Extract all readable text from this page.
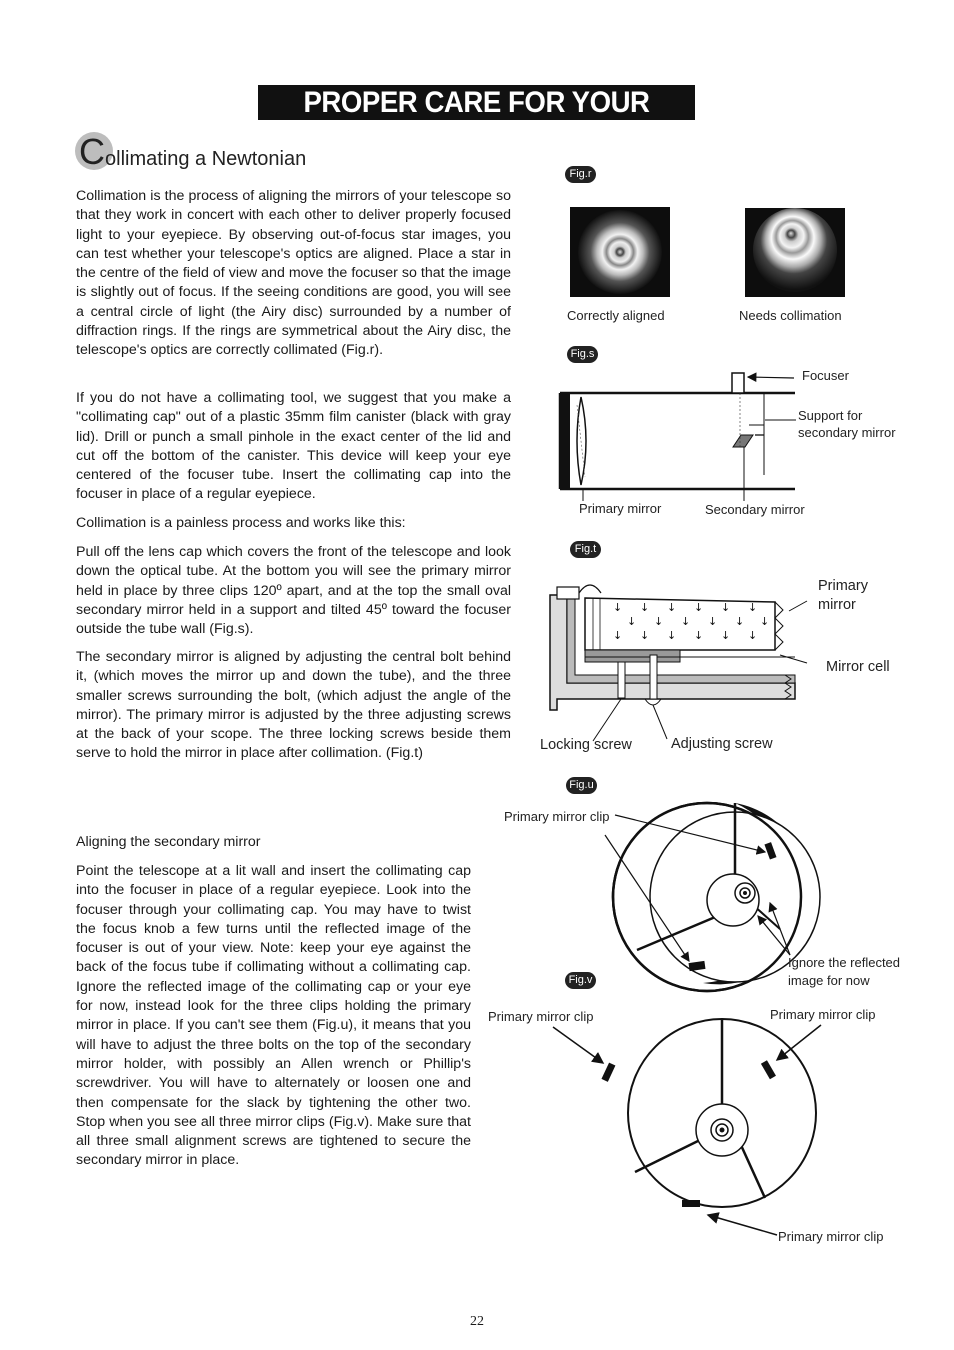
PROPER CARE FOR YOUR TELESCOPE
C ollimating a Newtonian

Collimation is the process of aligning the mirrors of your telescope so that they work in concert with each other to deliver properly focused light to your eyepiece. By observing out-of-focus star images, you can test whether your telescope's optics are aligned. Place a star in the centre of the field of view and move the focuser so that the image is slightly out of focus. If the seeing conditions are good, you will see a central circle of light (the Airy disc) surrounded by a number of diffraction rings. If the rings are symmetrical about the Airy disc, the telescope's optics are correctly collimated (Fig.r).

If you do not have a collimating tool, we suggest that you make a "collimating cap" out of a plastic 35mm film canister (black with gray lid). Drill or punch a small pinhole in the exact center of the lid and cut off the bottom of the canister. This device will keep your eye centered of the focuser tube. Insert the collimating cap into the focuser in place of a regular eyepiece.

Collimation is a painless process and works like this:

Pull off the lens cap which covers the front of the telescope and look down the optical tube. At the bottom you will see the primary mirror held in place by three clips 120º apart, and at the top the small oval secondary mirror held in a support and tilted 45º toward the focuser outside the tube wall (Fig.s).

The secondary mirror is aligned by adjusting the central bolt behind it, (which moves the mirror up and down the tube), and the three smaller screws surrounding the bolt, (which adjust the angle of the mirror). The primary mirror is adjusted by the three adjusting screws at the back of your scope. The three locking screws beside them serve to hold the mirror in place after collimation. (Fig.t)

Aligning the secondary mirror

Point the telescope at a lit wall and insert the collimating cap into the focuser in place of a regular eyepiece. Look into the focuser through your collimating cap. You may have to twist the focus knob a few turns until the reflected image of the focuser is out of your view. Note: keep your eye against the back of the focus tube if collimating without a collimating cap. Ignore the reflected image of the collimating cap or your eye for now, instead look for the three clips holding the primary mirror in place. If you can't see them (Fig.u), it means that you will have to adjust the three bolts on the top of the secondary mirror holder, with possibly an Allen wrench or Phillip's screwdriver. You will have to alternately or loosen one and then compensate for the slack by tightening the other two. Stop when you see all three mirror clips (Fig.v). Make sure that all three small alignment screws are tightened to secure the secondary mirror in place.

Fig.r
Correctly aligned	Needs collimation
Fig.s
Focuser
Support for
secondary mirror
Primary mirror	Secondary mirror
Fig.t
↓ ↓ ↓ ↓ ↓ ↓
↓ ↓ ↓ ↓ ↓ ↓
↓ ↓ ↓ ↓ ↓ ↓
Primary
mirror
Mirror cell
Locking screw	Adjusting screw
Fig.u
Primary mirror clip
Ignore the reflected
image for now
Fig.v
Primary mirror clip	Primary mirror clip
Primary mirror clip
22
